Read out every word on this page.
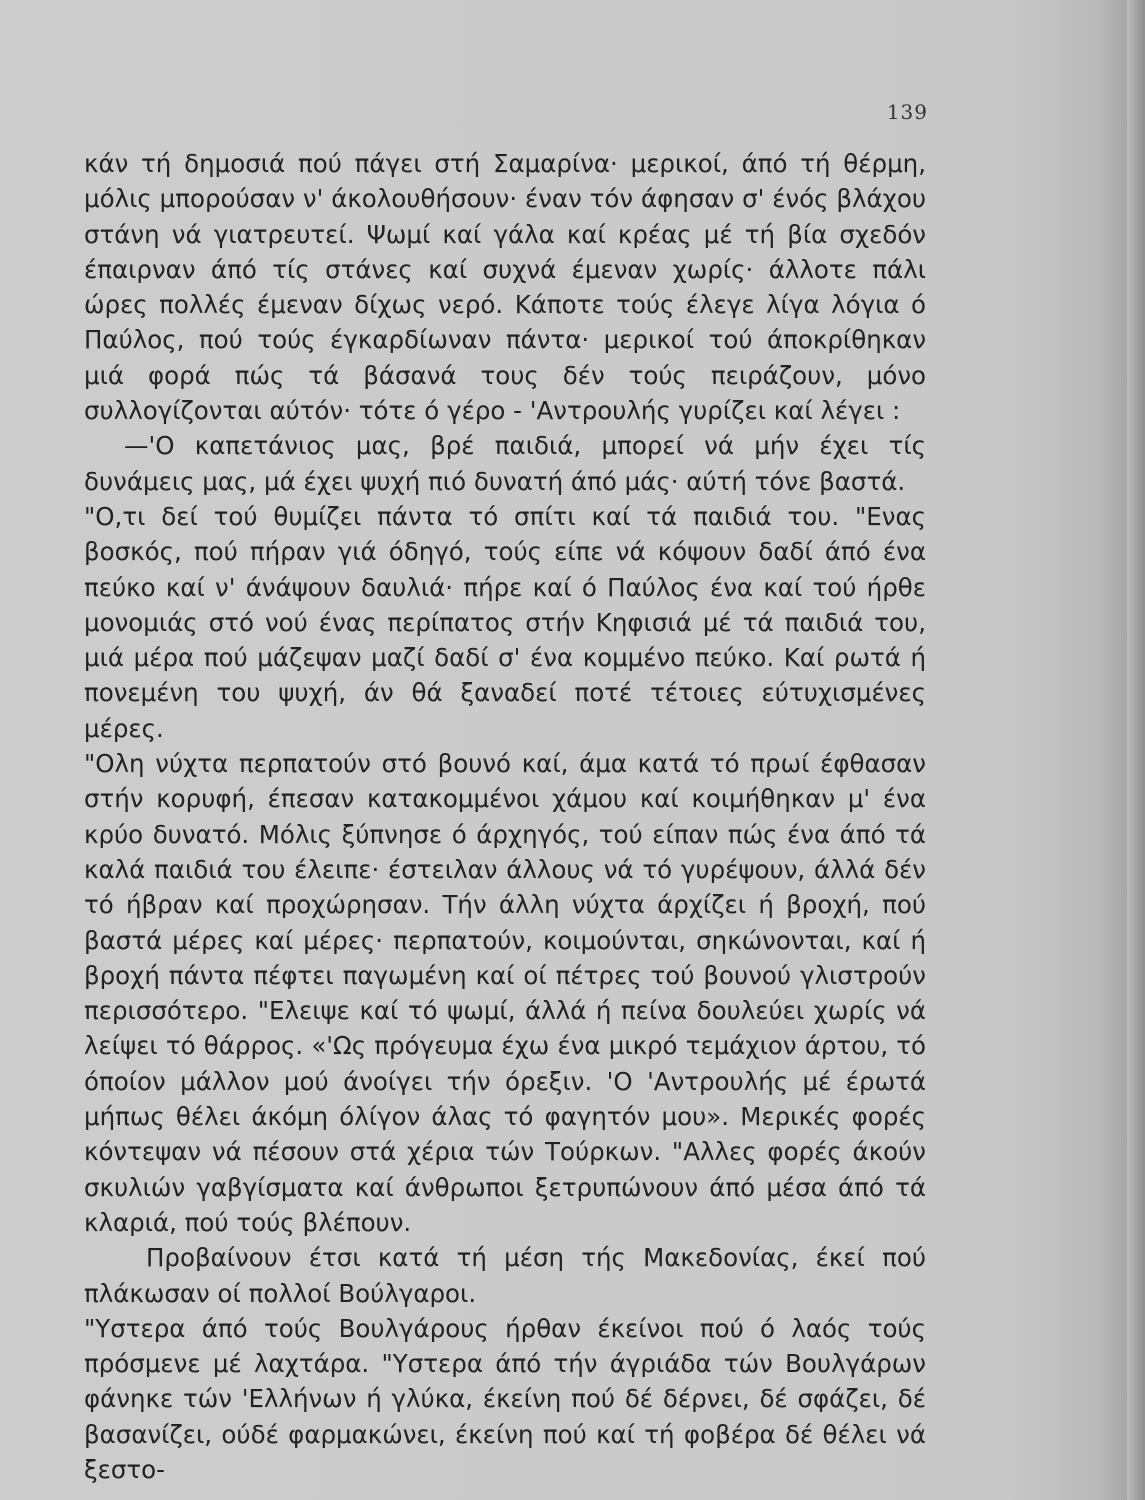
139

κάν τή δημοσιά πού πάγει στή Σαμαρίνα· μερικοί, άπό τή θέρμη, μόλις μπορούσαν ν' άκολουθήσουν· έναν τόν άφησαν σ' ένός βλάχου στάνη νά γιατρευτεί. Ψωμί καί γάλα καί κρέας μέ τή βία σχεδόν έπαιρναν άπό τίς στάνες καί συχνά έμεναν χωρίς· άλλοτε πάλι ώρες πολλές έμεναν δίχως νερό. Κάποτε τούς έλεγε λίγα λόγια ό Παύλος, πού τούς έγκαρδίωναν πάντα· μερικοί τού άποκρίθηκαν μιά φορά πώς τά βάσανά τους δέν τούς πειράζουν, μόνο συλλογίζονται αύτόν· τότε ό γέρο - 'Αντρουλής γυρίζει καί λέγει :

—'Ο καπετάνιος μας, βρέ παιδιά, μπορεί νά μήν έχει τίς δυνάμεις μας, μά έχει ψυχή πιό δυνατή άπό μάς· αύτή τόνε βαστά.

"Ο,τι δεί τού θυμίζει πάντα τό σπίτι καί τά παιδιά του. "Ενας βοσκός, πού πήραν γιά όδηγό, τούς είπε νά κόψουν δαδί άπό ένα πεύκο καί ν' άνάψουν δαυλιά· πήρε καί ό Παύλος ένα καί τού ήρθε μονομιάς στό νού ένας περίπατος στήν Κηφισιά μέ τά παιδιά του, μιά μέρα πού μάζεψαν μαζί δαδί σ' ένα κομμένο πεύκο. Καί ρωτά ή πονεμένη του ψυχή, άν θά ξαναδεί ποτέ τέτοιες εύτυχισμένες μέρες.

"Ολη νύχτα περπατούν στό βουνό καί, άμα κατά τό πρωί έφθασαν στήν κορυφή, έπεσαν κατακομμένοι χάμου καί κοιμήθηκαν μ' ένα κρύο δυνατό. Μόλις ξύπνησε ό άρχηγός, τού είπαν πώς ένα άπό τά καλά παιδιά του έλειπε· έστειλαν άλλους νά τό γυρέψουν, άλλά δέν τό ήβραν καί προχώρησαν. Τήν άλλη νύχτα άρχίζει ή βροχή, πού βαστά μέρες καί μέρες· περπατούν, κοιμούνται, σηκώνονται, καί ή βροχή πάντα πέφτει παγωμένη καί οί πέτρες τού βουνού γλιστρούν περισσότερο. "Ελειψε καί τό ψωμί, άλλά ή πείνα δουλεύει χωρίς νά λείψει τό θάρρος. «'Ως πρόγευμα έχω ένα μικρό τεμάχιον άρτου, τό όποίον μάλλον μού άνοίγει τήν όρεξιν. 'Ο 'Αντρουλής μέ έρωτά μήπως θέλει άκόμη όλίγον άλας τό φαγητόν μου». Μερικές φορές κόντεψαν νά πέσουν στά χέρια τών Τούρκων. "Αλλες φορές άκούν σκυλιών γαβγίσματα καί άνθρωποι ξετρυπώνουν άπό μέσα άπό τά κλαριά, πού τούς βλέπουν.

Προβαίνουν έτσι κατά τή μέση τής Μακεδονίας, έκεί πού πλάκωσαν οί πολλοί Βούλγαροι.

"Υστερα άπό τούς Βουλγάρους ήρθαν έκείνοι πού ό λαός τούς πρόσμενε μέ λαχτάρα. "Υστερα άπό τήν άγριάδα τών Βουλγάρων φάνηκε τών 'Ελλήνων ή γλύκα, έκείνη πού δέ δέρνει, δέ σφάζει, δέ βασανίζει, ούδέ φαρμακώνει, έκείνη πού καί τή φοβέρα δέ θέλει νά ξεστο-
